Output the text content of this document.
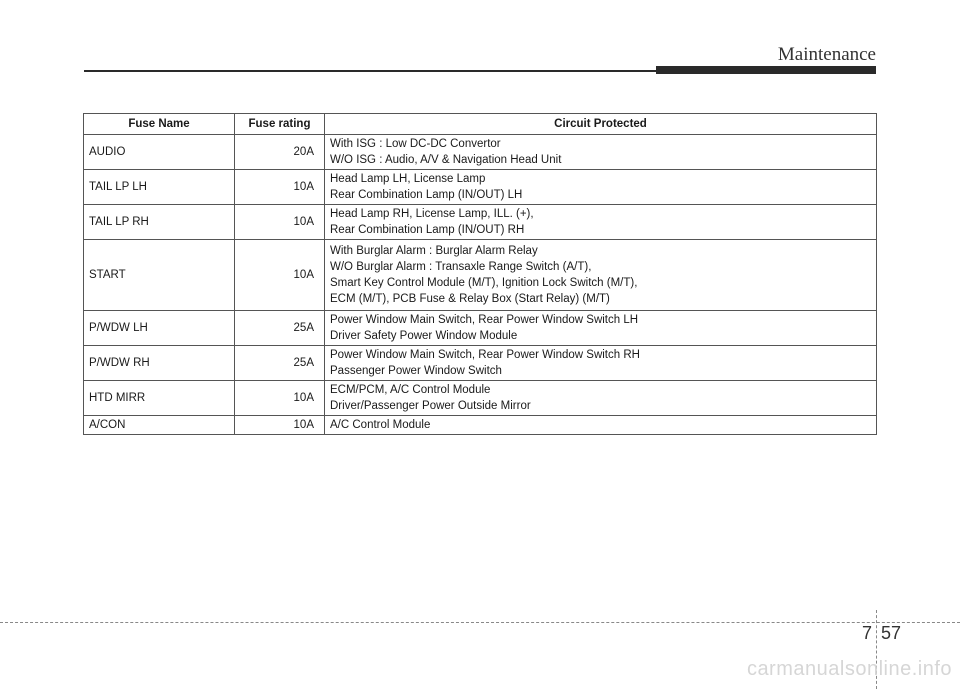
Maintenance
Fuse Name	Fuse rating	Circuit Protected
AUDIO	20A	With ISG : Low DC-DC Convertor
W/O ISG : Audio, A/V & Navigation Head Unit

TAIL LP LH	10A	Head Lamp LH, License Lamp
Rear Combination Lamp (IN/OUT) LH

TAIL LP RH	10A	Head Lamp RH, License Lamp, ILL. (+),
Rear Combination Lamp (IN/OUT) RH

START	10A	With Burglar Alarm : Burglar Alarm Relay
W/O Burglar Alarm : Transaxle Range Switch (A/T),
Smart Key Control Module (M/T), Ignition Lock Switch (M/T),
ECM (M/T), PCB Fuse & Relay Box (Start Relay) (M/T)

P/WDW LH	25A	Power Window Main Switch, Rear Power Window Switch LH
Driver Safety Power Window Module

P/WDW RH	25A	Power Window Main Switch, Rear Power Window Switch RH
Passenger Power Window Switch

HTD MIRR	10A	ECM/PCM, A/C Control Module
Driver/Passenger Power Outside Mirror

A/CON	10A	A/C Control Module
7 57
carmanualsonline.info
